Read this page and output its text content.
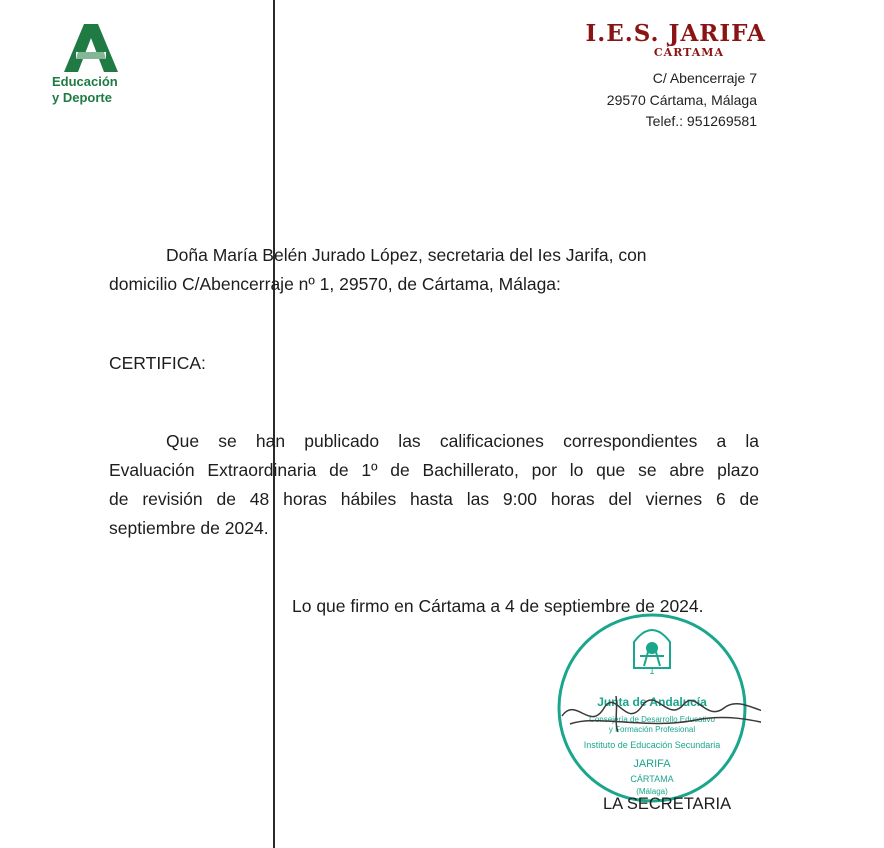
Educación
y Deporte
I.E.S. JARIFA
CÁRTAMA
C/ Abencerraje 7
29570 Cártama, Málaga
Telef.: 951269581
Doña María Belén Jurado López, secretaria del Ies Jarifa, con
domicilio C/Abencerraje nº 1, 29570, de Cártama, Málaga:
CERTIFICA:
Que se han publicado las calificaciones correspondientes a la
Evaluación Extraordinaria de 1º de Bachillerato, por lo que se abre plazo
de revisión de 48 horas hábiles hasta las 9:00 horas del viernes 6 de
septiembre de 2024.
Lo que firmo en Cártama a 4 de septiembre de 2024.
1
Junta de Andalucía
Consejería de Desarrollo Educativo
y Formación Profesional
Instituto de Educación Secundaria
JARIFA
CÁRTAMA
(Málaga)
LA SECRETARIA
